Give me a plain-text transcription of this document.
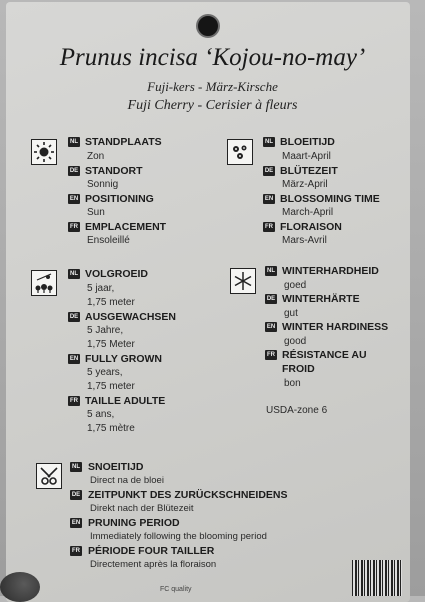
Prunus incisa ‘Kojou-no-may’
Fuji-kers - März-Kirsche
Fuji Cherry - Cerisier à fleurs
NL STANDPLAATS
Zon
DE STANDORT
Sonnig
EN POSITIONING
Sun
FR EMPLACEMENT
Ensoleillé
NL BLOEITIJD
Maart-April
DE BLÜTEZEIT
März-April
EN BLOSSOMING TIME
March-April
FR FLORAISON
Mars-Avril
NL VOLGROEID
5 jaar,
1,75 meter
DE AUSGEWACHSEN
5 Jahre,
1,75 Meter
EN FULLY GROWN
5 years,
1,75 meter
FR TAILLE ADULTE
5 ans,
1,75 mètre
NL WINTERHARDHEID
goed
DE WINTERHÄRTE
gut
EN WINTER HARDINESS
good
FR RÉSISTANCE AU
FROID
bon
USDA-zone 6
NL SNOEITIJD
Direct na de bloei
DE ZEITPUNKT DES ZURÜCKSCHNEIDENS
Direkt nach der Blütezeit
EN PRUNING PERIOD
Immediately following the blooming period
FR PÉRIODE FOUR TAILLER
Directement après la floraison
FC quality
